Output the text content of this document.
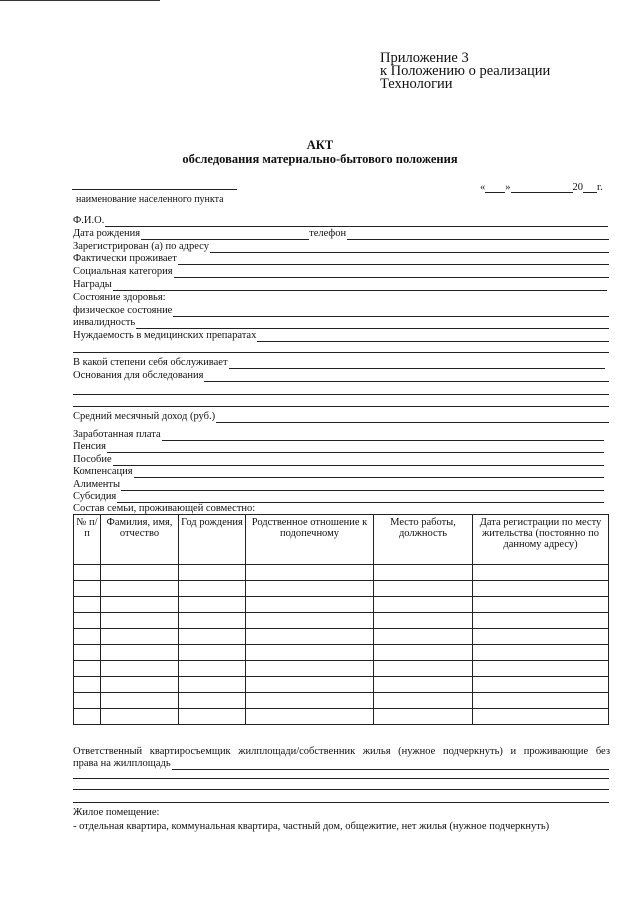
Приложение 3
к Положению о реализации
Технологии
АКТ
обследования материально-бытового положения
наименование населенного пункта
« »	20 г.
Ф.И.О.
Дата рождения	телефон
Зарегистрирован (а) по адресу
Фактически проживает
Социальная категория
Награды
Состояние здоровья:
физическое состояние
инвалидность
Нуждаемость в медицинских препаратах
В какой степени себя обслуживает
Основания для обследования
Средний месячный доход (руб.)
Заработанная плата
Пенсия
Пособие
Компенсация
Алименты
Субсидия
Состав семьи, проживающей совместно:
№ п/п	Фамилия, имя, отчество	Год рождения	Родственное отношение к подопечному	Место работы, должность	Дата регистрации по месту жительства (постоянно по данному адресу)

Ответственный квартиросъемщик жилплощади/собственник жилья (нужное подчеркнуть) и проживающие без
права на жилплощадь
Жилое помещение:
- отдельная квартира, коммунальная квартира, частный дом, общежитие, нет жилья (нужное подчеркнуть)
